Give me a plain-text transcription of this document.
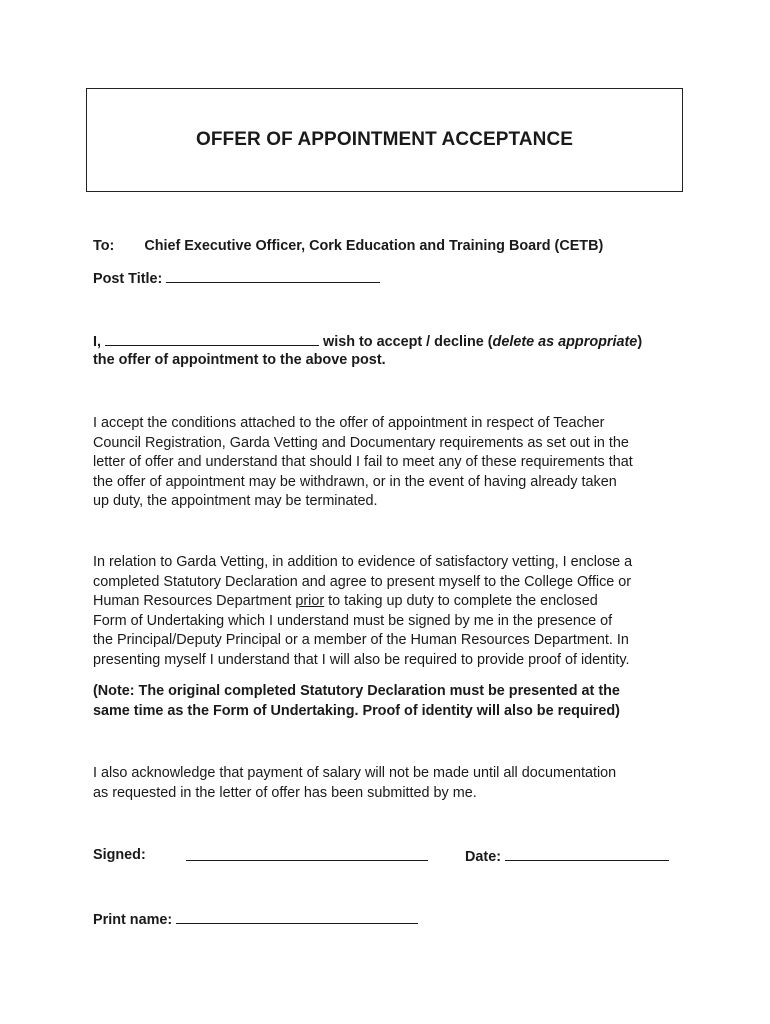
OFFER OF APPOINTMENT ACCEPTANCE
To: Chief Executive Officer, Cork Education and Training Board (CETB)
Post Title:
I,	wish to accept / decline (delete as appropriate)
the offer of appointment to the above post.

I accept the conditions attached to the offer of appointment in respect of Teacher

Council Registration, Garda Vetting and Documentary requirements as set out in the

letter of offer and understand that should I fail to meet any of these requirements that

the offer of appointment may be withdrawn, or in the event of having already taken

up duty, the appointment may be terminated.

In relation to Garda Vetting, in addition to evidence of satisfactory vetting, I enclose a

completed Statutory Declaration and agree to present myself to the College Office or

Human Resources Department prior to taking up duty to complete the enclosed

Form of Undertaking which I understand must be signed by me in the presence of

the Principal/Deputy Principal or a member of the Human Resources Department. In

presenting myself I understand that I will also be required to provide proof of identity.

(Note: The original completed Statutory Declaration must be presented at the
same time as the Form of Undertaking. Proof of identity will also be required)

I also acknowledge that payment of salary will not be made until all documentation

as requested in the letter of offer has been submitted by me.

Signed:	Date:
Print name:
